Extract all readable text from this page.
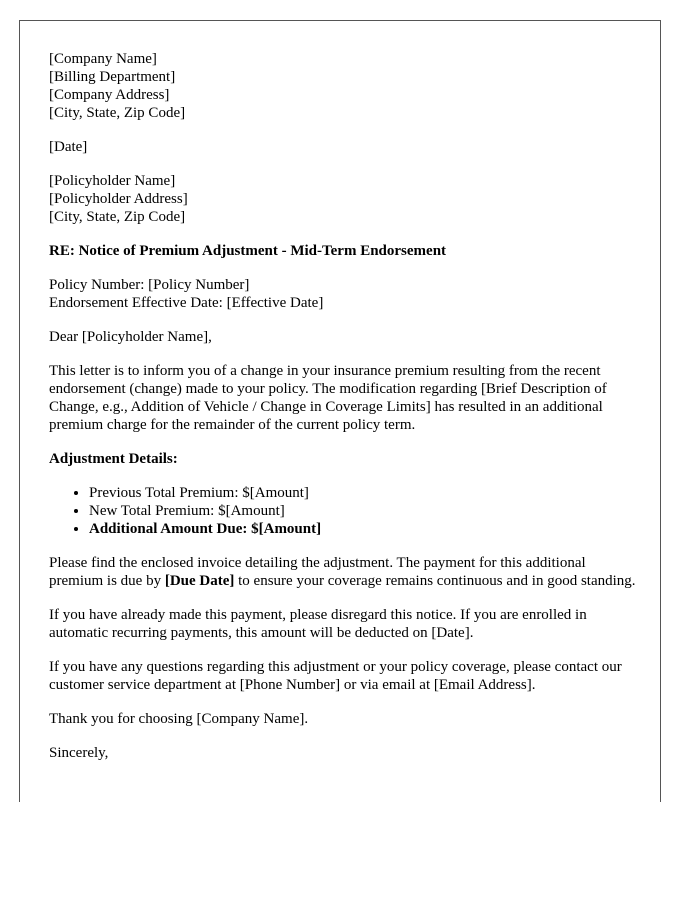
[Company Name]
[Billing Department]
[Company Address]
[City, State, Zip Code]
[Date]
[Policyholder Name]
[Policyholder Address]
[City, State, Zip Code]

RE: Notice of Premium Adjustment - Mid-Term Endorsement

Policy Number: [Policy Number]
Endorsement Effective Date: [Effective Date]

Dear [Policyholder Name],

This letter is to inform you of a change in your insurance premium resulting from the recent endorsement (change) made to your policy. The modification regarding [Brief Description of Change, e.g., Addition of Vehicle / Change in Coverage Limits] has resulted in an additional premium charge for the remainder of the current policy term.

Adjustment Details:

• Previous Total Premium: $[Amount]
• New Total Premium: $[Amount]
• Additional Amount Due: $[Amount]

Please find the enclosed invoice detailing the adjustment. The payment for this additional premium is due by [Due Date] to ensure your coverage remains continuous and in good standing.

If you have already made this payment, please disregard this notice. If you are enrolled in automatic recurring payments, this amount will be deducted on [Date].

If you have any questions regarding this adjustment or your policy coverage, please contact our customer service department at [Phone Number] or via email at [Email Address].

Thank you for choosing [Company Name].

Sincerely,
